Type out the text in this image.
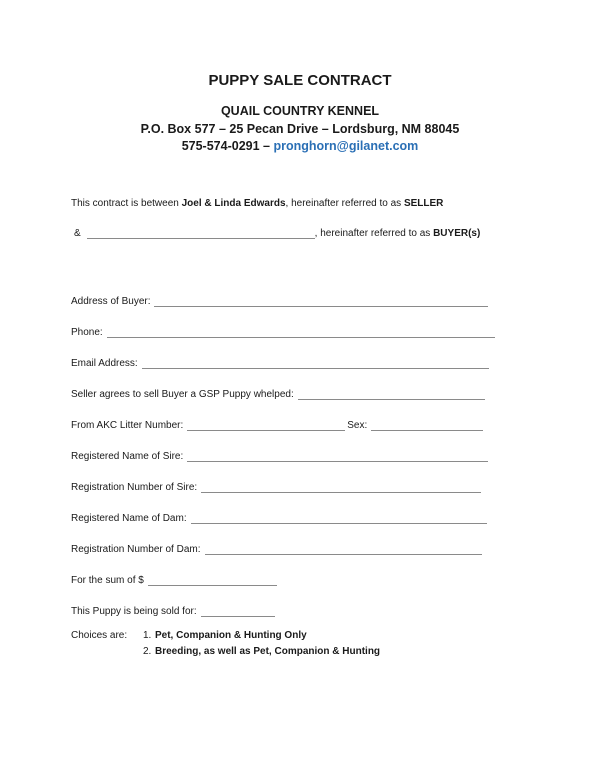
PUPPY SALE CONTRACT
QUAIL COUNTRY KENNEL
P.O. Box 577 – 25 Pecan Drive – Lordsburg, NM 88045
575-574-0291 – pronghorn@gilanet.com
This contract is between
Joel & Linda Edwards , hereinafter referred to as
SELLER
&	, hereinafter referred to as
BUYER(s)
Address of Buyer:
Phone:
Email Address:
Seller agrees to sell Buyer a GSP Puppy whelped:
From AKC Litter Number:	Sex:
Registered Name of Sire:
Registration Number of Sire:
Registered Name of Dam:
Registration Number of Dam:
For the sum of $
This Puppy is being sold for:
Choices are:	1. Pet, Companion & Hunting Only
2. Breeding, as well as Pet, Companion & Hunting
